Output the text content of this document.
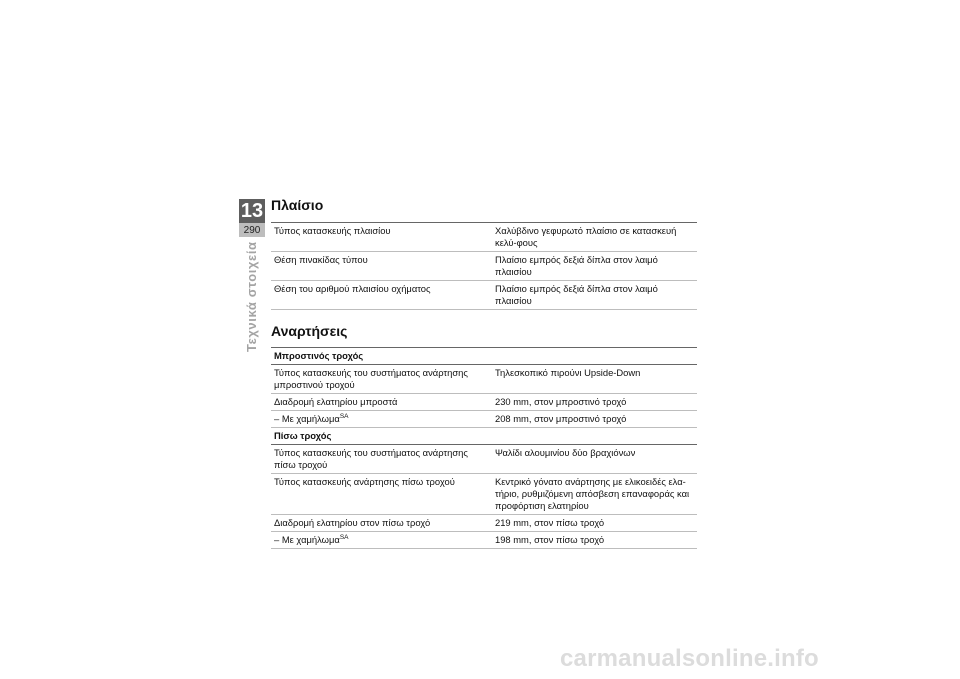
13
290
Τεχνικά στοιχεία
Πλαίσιο
Τύπος κατασκευής πλαισίου	Χαλύβδινο γεφυρωτό πλαίσιο σε κατασκευή κελύ-φους
Θέση πινακίδας τύπου	Πλαίσιο εμπρός δεξιά δίπλα στον λαιμό πλαισίου
Θέση του αριθμού πλαισίου οχήματος	Πλαίσιο εμπρός δεξιά δίπλα στον λαιμό πλαισίου
Αναρτήσεις
Μπροστινός τροχός	
Τύπος κατασκευής του συστήματος ανάρτησης μπροστινού τροχού	Τηλεσκοπικό πιρούνι Upside-Down
Διαδρομή ελατηρίου μπροστά	230 mm, στον μπροστινό τροχό
– Με χαμήλωμα$^{SA}$	208 mm, στον μπροστινό τροχό
Πίσω τροχός	
Τύπος κατασκευής του συστήματος ανάρτησης πίσω τροχού	Ψαλίδι αλουμινίου δύο βραχιόνων
Τύπος κατασκευής ανάρτησης πίσω τροχού	Κεντρικό γόνατο ανάρτησης με ελικοειδές ελα-τήριο, ρυθμιζόμενη απόσβεση επαναφοράς και προφόρτιση ελατηρίου
Διαδρομή ελατηρίου στον πίσω τροχό	219 mm, στον πίσω τροχό
– Με χαμήλωμα$^{SA}$	198 mm, στον πίσω τροχό
carmanualsonline.info
